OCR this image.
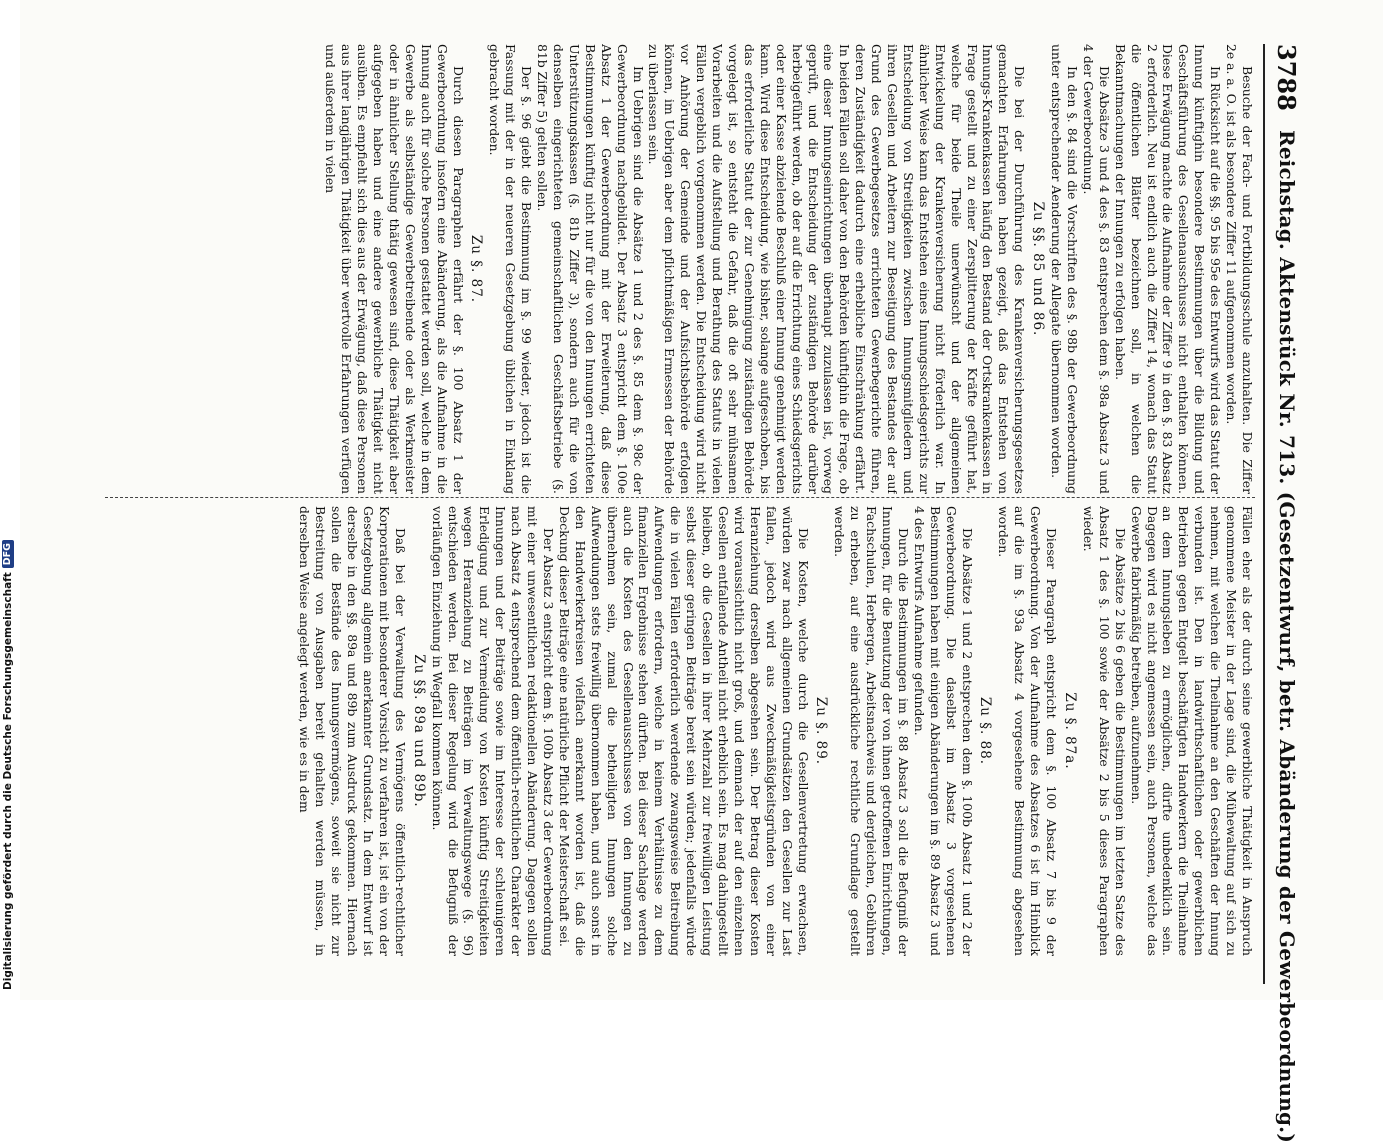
3788
Reichstag. Aktenstück Nr. 713. (Gesetzentwurf, betr. Abänderung der Gewerbeordnung.)

Besuche der Fach- und Fortbildungsschule anzuhalten. Die Ziffer 2e a. a. O. ist als besondere Ziffer 11 aufgenommen worden.

In Rücksicht auf die §§. 95 bis 95e des Entwurfs wird das Statut der Innung künftighin besondere Bestimmungen über die Bildung und Geschäftsführung des Gesellenausschusses nicht enthalten können. Diese Erwägung machte die Aufnahme der Ziffer 9 in den §. 83 Absatz 2 erforderlich. Neu ist endlich auch die Ziffer 14, wonach das Statut die öffentlichen Blätter bezeichnen soll, in welchen die Bekanntmachungen der Innungen zu erfolgen haben.

Die Absätze 3 und 4 des §. 83 entsprechen dem §. 98a Absatz 3 und 4 der Gewerbeordnung.

In den §. 84 sind die Vorschriften des §. 98b der Gewerbeordnung unter entsprechender Aenderung der Allegate übernommen worden.

Zu §§. 85 und 86.

Die bei der Durchführung des Krankenversicherungsgesetzes gemachten Erfahrungen haben gezeigt, daß das Entstehen von Innungs-Krankenkassen häufig den Bestand der Ortskrankenkassen in Frage gestellt und zu einer Zersplitterung der Kräfte geführt hat, welche für beide Theile unerwünscht und der allgemeinen Entwickelung der Krankenversicherung nicht förderlich war. In ähnlicher Weise kann das Entstehen eines Innungsschiedsgerichts zur Entscheidung von Streitigkeiten zwischen Innungsmitgliedern und ihren Gesellen und Arbeitern zur Beseitigung des Bestandes der auf Grund des Gewerbegesetzes errichteten Gewerbegerichte führen, deren Zuständigkeit dadurch eine erhebliche Einschränkung erfährt. In beiden Fällen soll daher von den Behörden künftighin die Frage, ob eine dieser Innungseinrichtungen überhaupt zuzulassen ist, vorweg geprüft, und die Entscheidung der zuständigen Behörde darüber herbeigeführt werden, ob der auf die Errichtung eines Schiedsgerichts oder einer Kasse abzielende Beschluß einer Innung genehmigt werden kann. Wird diese Entscheidung, wie bisher, solange aufgeschoben, bis das erforderliche Statut der zur Genehmigung zuständigen Behörde vorgelegt ist, so entsteht die Gefahr, daß die oft sehr mühsamen Vorarbeiten und die Aufstellung und Berathung des Statuts in vielen Fällen vergeblich vorgenommen werden. Die Entscheidung wird nicht vor Anhörung der Gemeinde und der Aufsichtsbehörde erfolgen können, im Uebrigen aber dem pflichtmäßigen Ermessen der Behörde zu überlassen sein.

Im Uebrigen sind die Absätze 1 und 2 des §. 85 dem §. 98c der Gewerbeordnung nachgebildet. Der Absatz 3 entspricht dem §. 100e Absatz 1 der Gewerbeordnung mit der Erweiterung, daß diese Bestimmungen künftig nicht nur für die von den Innungen errichteten Unterstützungskassen (§. 81b Ziffer 3), sondern auch für die von denselben eingerichteten gemeinschaftlichen Geschäftsbetriebe (§. 81b Ziffer 5) gelten sollen.

Der §. 96 giebt die Bestimmung im §. 99 wieder, jedoch ist die Fassung mit der in der neueren Gesetzgebung üblichen in Einklang gebracht worden.

Zu §. 87.

Durch diesen Paragraphen erfährt der §. 100 Absatz 1 der Gewerbeordnung insofern eine Abänderung, als die Aufnahme in die Innung auch für solche Personen gestattet werden soll, welche in dem Gewerbe als selbständige Gewerbetreibende oder als Werkmeister oder in ähnlicher Stellung thätig gewesen sind, diese Thätigkeit aber aufgegeben haben und eine andere gewerbliche Thätigkeit nicht ausüben. Es empfiehlt sich dies aus der Erwägung, daß diese Personen aus ihrer langjährigen Thätigkeit über wertvolle Erfahrungen verfügen und außerdem in vielen

Fällen eher als der durch seine gewerbliche Thätigkeit in Anspruch genommene Meister in der Lage sind, die Mühewaltung auf sich zu nehmen, mit welchen die Theilnahme an den Geschäften der Innung verbunden ist. Den in landwirthschaftlichen oder gewerblichen Betrieben gegen Entgelt beschäftigten Handwerkern die Theilnahme an dem Innungsleben zu ermöglichen, dürfte unbedenklich sein. Dagegen wird es nicht angemessen sein, auch Personen, welche das Gewerbe fabrikmäßig betreiben, aufzunehmen.

Die Absätze 2 bis 6 geben die Bestimmungen im letzten Satze des Absatz 1 des §. 100 sowie der Absätze 2 bis 5 dieses Paragraphen wieder.

Zu §. 87a.

Dieser Paragraph entspricht dem §. 100 Absatz 7 bis 9 der Gewerbeordnung. Von der Aufnahme des Absatzes 6 ist im Hinblick auf die im §. 93a Absatz 4 vorgesehene Bestimmung abgesehen worden.

Zu §. 88.

Die Absätze 1 und 2 entsprechen dem §. 100b Absatz 1 und 2 der Gewerbeordnung. Die daselbst im Absatz 3 vorgesehenen Bestimmungen haben mit einigen Abänderungen im §. 89 Absatz 3 und 4 des Entwurfs Aufnahme gefunden.

Durch die Bestimmungen im §. 88 Absatz 3 soll die Befugniß der Innungen, für die Benutzung der von ihnen getroffenen Einrichtungen, Fachschulen, Herbergen, Arbeitsnachweis und dergleichen, Gebühren zu erheben, auf eine ausdrückliche rechtliche Grundlage gestellt werden.

Zu §. 89.

Die Kosten, welche durch die Gesellenvertretung erwachsen, würden zwar nach allgemeinen Grundsätzen den Gesellen zur Last fallen, jedoch wird aus Zweckmäßigkeitsgründen von einer Heranziehung derselben abgesehen sein. Der Betrag dieser Kosten wird voraussichtlich nicht groß, und demnach der auf den einzelnen Gesellen entfallende Antheil nicht erheblich sein. Es mag dahingestellt bleiben, ob die Gesellen in ihrer Mehrzahl zur freiwilligen Leistung selbst dieser geringen Beiträge bereit sein würden; jedenfalls würde die in vielen Fällen erforderlich werdende zwangsweise Beitreibung Aufwendungen erfordern, welche in keinem Verhältnisse zu dem finanziellen Ergebnisse stehen dürften. Bei dieser Sachlage werden auch die Kosten des Gesellenausschusses von den Innungen zu übernehmen sein, zumal die betheiligten Innungen solche Aufwendungen stets freiwillig übernommen haben, und auch sonst in den Handwerkerkreisen vielfach anerkannt worden ist, daß die Deckung dieser Beiträge eine natürliche Pflicht der Meisterschaft sei.

Der Absatz 3 entspricht dem §. 100b Absatz 3 der Gewerbeordnung mit einer unwesentlichen redaktionellen Abänderung. Dagegen sollen nach Absatz 4 entsprechend dem öffentlich-rechtlichen Charakter der Innungen und der Beiträge sowie im Interesse der schleunigeren Erledigung und zur Vermeidung von Kosten künftig Streitigkeiten wegen Heranziehung zu Beiträgen im Verwaltungswege (§. 96) entschieden werden. Bei dieser Regelung wird die Befugniß der vorläufigen Einziehung in Wegfall kommen können.

Zu §§. 89a und 89b.

Daß bei der Verwaltung des Vermögens öffentlich-rechtlicher Korporationen mit besonderer Vorsicht zu verfahren ist, ist ein von der Gesetzgebung allgemein anerkannter Grundsatz. In dem Entwurf ist derselbe in den §§. 89a und 89b zum Ausdruck gekommen. Hiernach sollen die Bestände des Innungsvermögens, soweit sie nicht zur Bestreitung von Ausgaben bereit gehalten werden müssen, in derselben Weise angelegt werden, wie es in dem

Digitalisierung gefördert durch die Deutsche ForschungsgemeinschaftDFG
